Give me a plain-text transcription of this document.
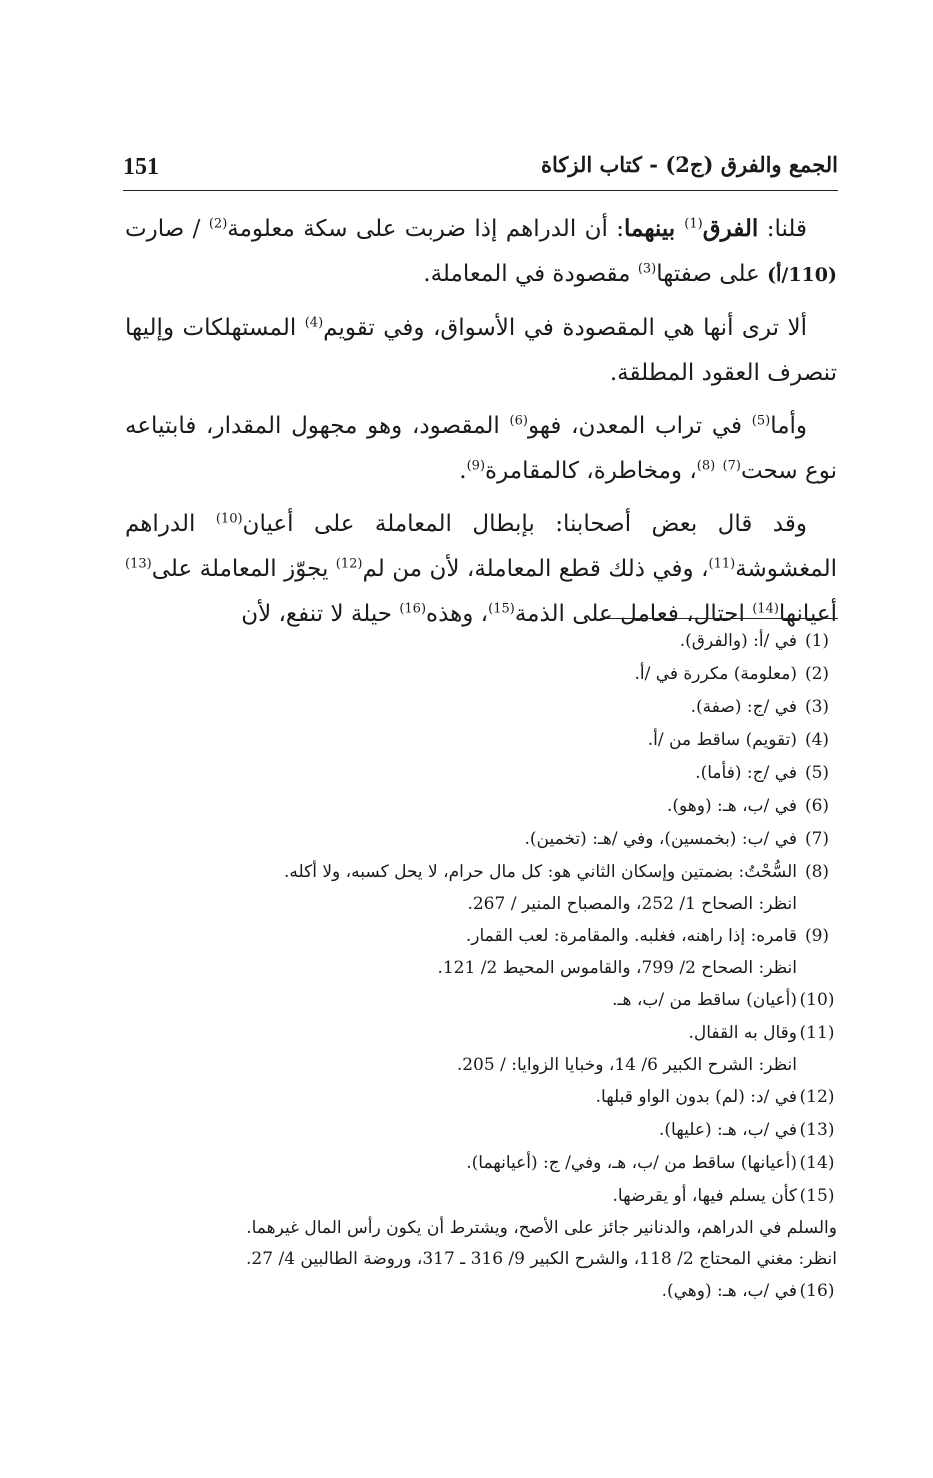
151	الجمع والفرق (ج2) - كتاب الزكاة

قلنا: الفرق$^{(1)}$ بينهما: أن الدراهم إذا ضربت على سكة معلومة$^{(2)}$ / صارت (110/أ) على صفتها$^{(3)}$ مقصودة في المعاملة.

ألا ترى أنها هي المقصودة في الأسواق، وفي تقويم$^{(4)}$ المستهلكات وإليها تنصرف العقود المطلقة.

وأما$^{(5)}$ في تراب المعدن، فهو$^{(6)}$ المقصود، وهو مجهول المقدار، فابتياعه نوع سحت$^{(7)}$ $^{(8)}$، ومخاطرة، كالمقامرة$^{(9)}$.

وقد قال بعض أصحابنا: بإبطال المعاملة على أعيان$^{(10)}$ الدراهم المغشوشة$^{(11)}$، وفي ذلك قطع المعاملة، لأن من لم$^{(12)}$ يجوّز المعاملة على$^{(13)}$ أعيانها$^{(14)}$ احتال، فعامل على الذمة$^{(15)}$، وهذه$^{(16)}$ حيلة لا تنفع، لأن

(1)
في /أ: (والفرق).
(2)
(معلومة) مكررة في /أ.
(3)
في /ج: (صفة).
(4)
(تقويم) ساقط من /أ.
(5)
في /ج: (فأما).
(6)
في /ب، هـ: (وهو).
(7)
في /ب: (بخمسين)، وفي /هـ: (تخمين).
(8)
السُّحْتُ: بضمتين وإسكان الثاني هو: كل مال حرام، لا يحل كسبه، ولا أكله.
انظر: الصحاح 1/ 252، والمصباح المنير / 267.
(9)
قامره: إذا راهنه، فغلبه. والمقامرة: لعب القمار.
انظر: الصحاح 2/ 799، والقاموس المحيط 2/ 121.
(10)
(أعيان) ساقط من /ب، هـ.
(11)
وقال به القفال.
انظر: الشرح الكبير 6/ 14، وخبايا الزوايا: / 205.
(12)
في /د: (لم) بدون الواو قبلها.
(13)
في /ب، هـ: (عليها).
(14)
(أعيانها) ساقط من /ب، هـ، وفي/ ج: (أعيانهما).
(15)
كأن يسلم فيها، أو يقرضها.
والسلم في الدراهم، والدنانير جائز على الأصح، ويشترط أن يكون رأس المال غيرهما.
انظر: مغني المحتاج 2/ 118، والشرح الكبير 9/ 316 ـ 317، وروضة الطالبين 4/ 27.
(16)
في /ب، هـ: (وهي).
